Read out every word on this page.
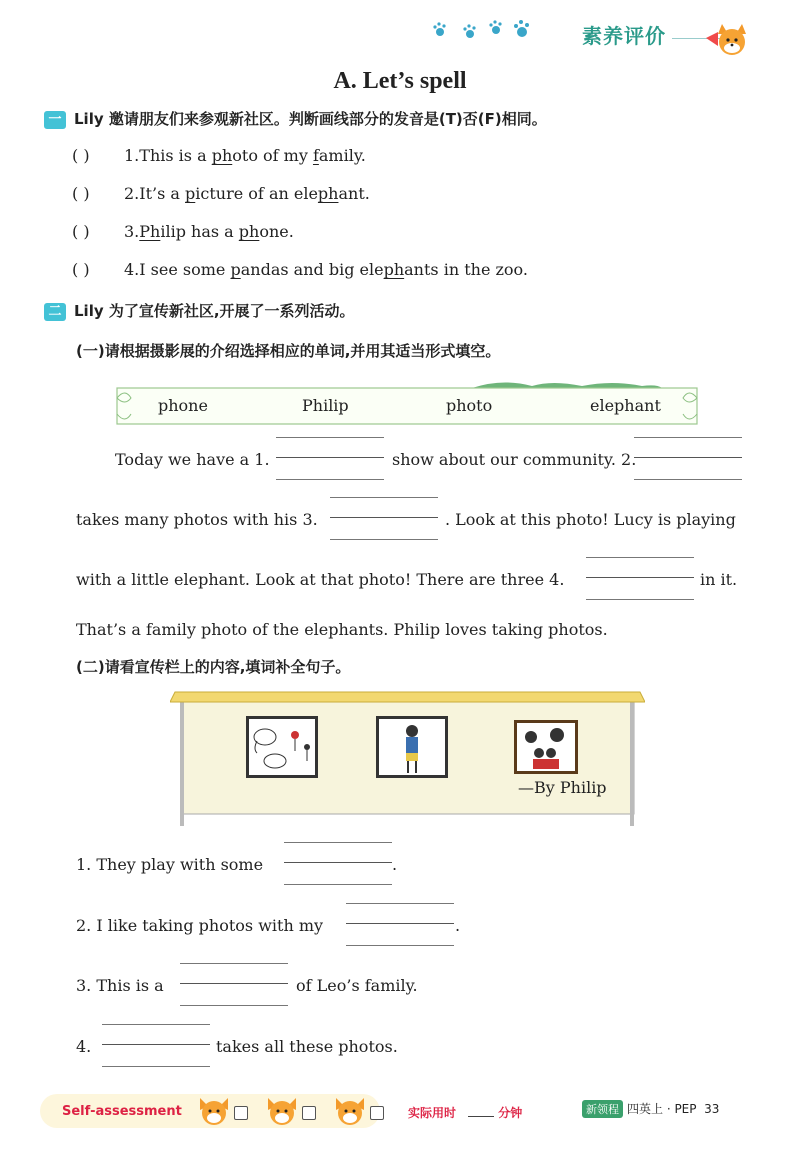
素养评价
A. Let’s spell
一 Lily 邀请朋友们来参观新社区。判断画线部分的发音是(T)否(F)相同。
( ) 1.This is a photo of my family.
( ) 2.It’s a picture of an elephant.
( ) 3.Philip has a phone.
( ) 4.I see some pandas and big elephants in the zoo.
二 Lily 为了宣传新社区,开展了一系列活动。
(一)请根据摄影展的介绍选择相应的单词,并用其适当形式填空。
phone	Philip	photo	elephant
Today we have a 1.	show about our community. 2.
takes many photos with his 3.	. Look at this photo! Lucy is playing
with a little elephant. Look at that photo! There are three 4.	in it.
That’s a family photo of the elephants. Philip loves taking photos.
(二)请看宣传栏上的内容,填词补全句子。
—By Philip
1. They play with some	.
2. I like taking photos with my	.
3. This is a	of Leo’s family.
4.	takes all these photos.
Self-assessment	实际用时	分钟	新领程 四英上 · PEP 33
